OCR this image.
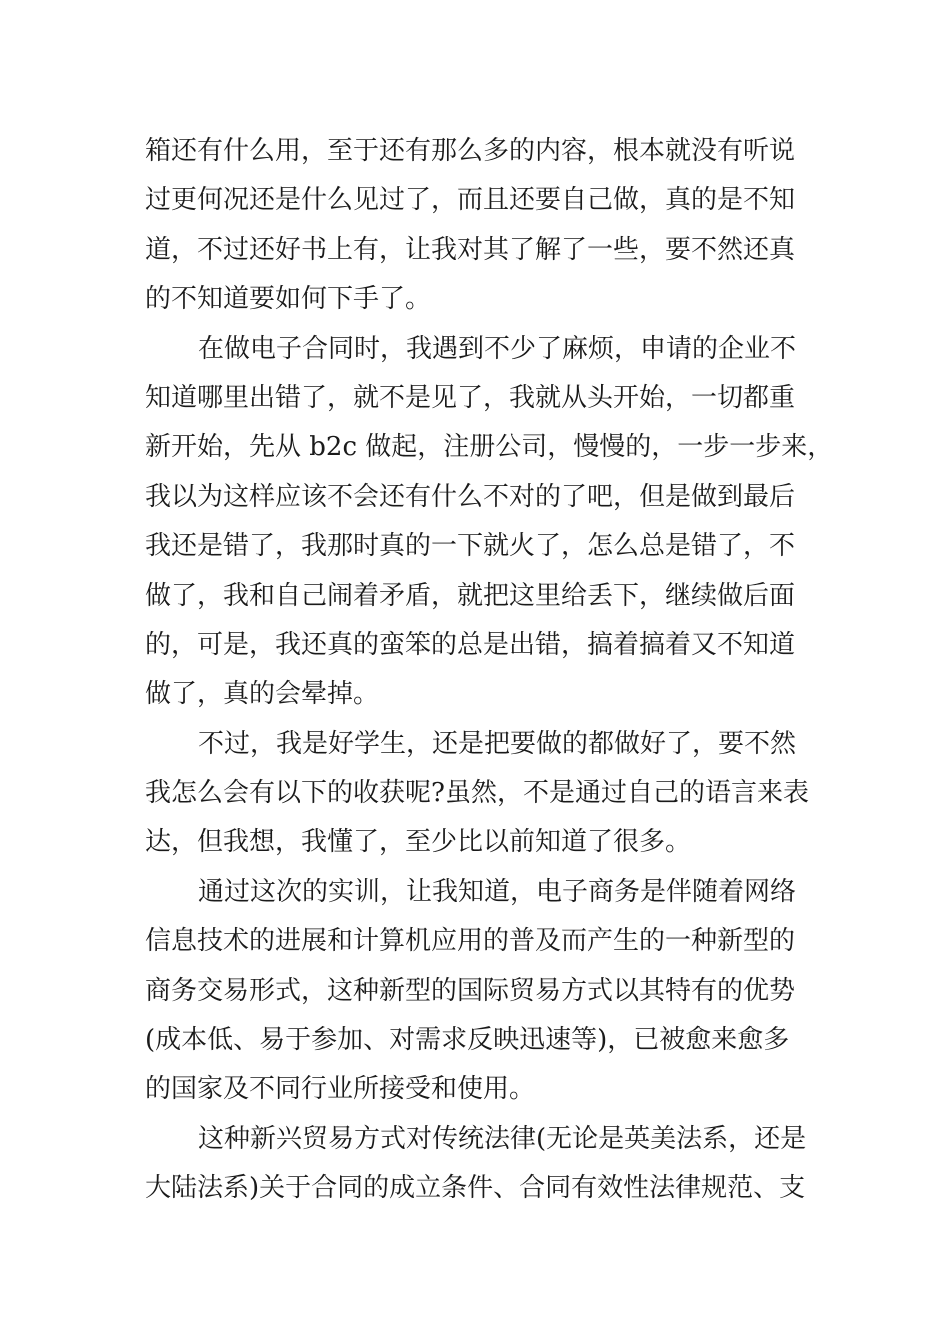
箱还有什么用，至于还有那么多的内容，根本就没有听说
过更何况还是什么见过了，而且还要自己做，真的是不知
道，不过还好书上有，让我对其了解了一些，要不然还真
的不知道要如何下手了。
在做电子合同时，我遇到不少了麻烦，申请的企业不
知道哪里出错了，就不是见了，我就从头开始，一切都重
新开始，先从 b2c 做起，注册公司，慢慢的，一步一步来，
我以为这样应该不会还有什么不对的了吧，但是做到最后
我还是错了，我那时真的一下就火了，怎么总是错了，不
做了，我和自己闹着矛盾，就把这里给丢下，继续做后面
的，可是，我还真的蛮笨的总是出错，搞着搞着又不知道
做了，真的会晕掉。
不过，我是好学生，还是把要做的都做好了，要不然
我怎么会有以下的收获呢?虽然，不是通过自己的语言来表
达，但我想，我懂了，至少比以前知道了很多。
通过这次的实训，让我知道，电子商务是伴随着网络
信息技术的进展和计算机应用的普及而产生的一种新型的
商务交易形式，这种新型的国际贸易方式以其特有的优势
(成本低、易于参加、对需求反映迅速等)，已被愈来愈多
的国家及不同行业所接受和使用。
这种新兴贸易方式对传统法律(无论是英美法系，还是
大陆法系)关于合同的成立条件、合同有效性法律规范、支
